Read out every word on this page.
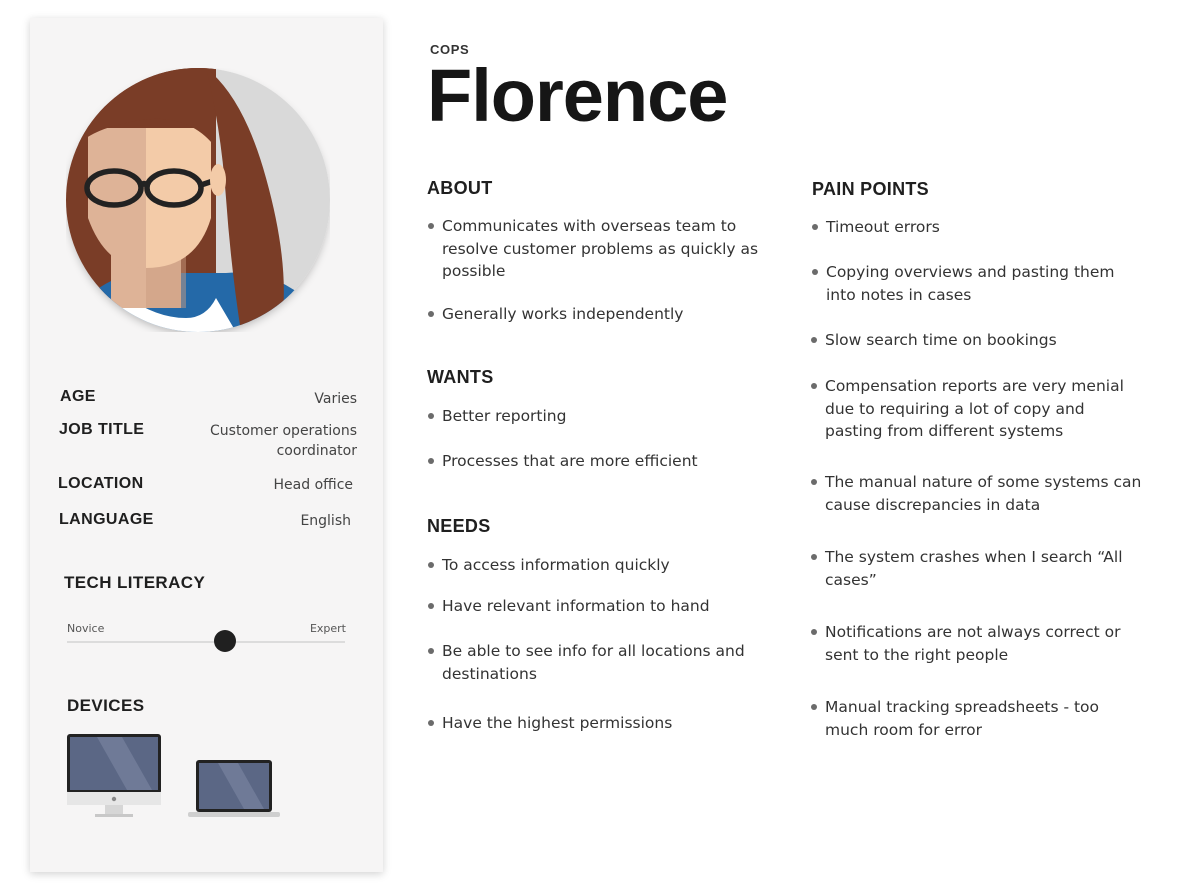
AGE	Varies
JOB TITLE	Customer operations
coordinator
LOCATION	Head office
LANGUAGE	English
TECH LITERACY
Novice	Expert
DEVICES
COPS
Florence
ABOUT
Communicates with overseas team to resolve customer problems as quickly as possible
Generally works independently
WANTS
Better reporting
Processes that are more efficient
NEEDS
To access information quickly
Have relevant information to hand
Be able to see info for all locations and destinations
Have the highest permissions
PAIN POINTS
Timeout errors
Copying overviews and pasting them into notes in cases
Slow search time on bookings
Compensation reports are very menial due to requiring a lot of copy and pasting from different systems
The manual nature of some systems can cause discrepancies in data
The system crashes when I search “All cases”
Notifications are not always correct or sent to the right people
Manual tracking spreadsheets - too much room for error
